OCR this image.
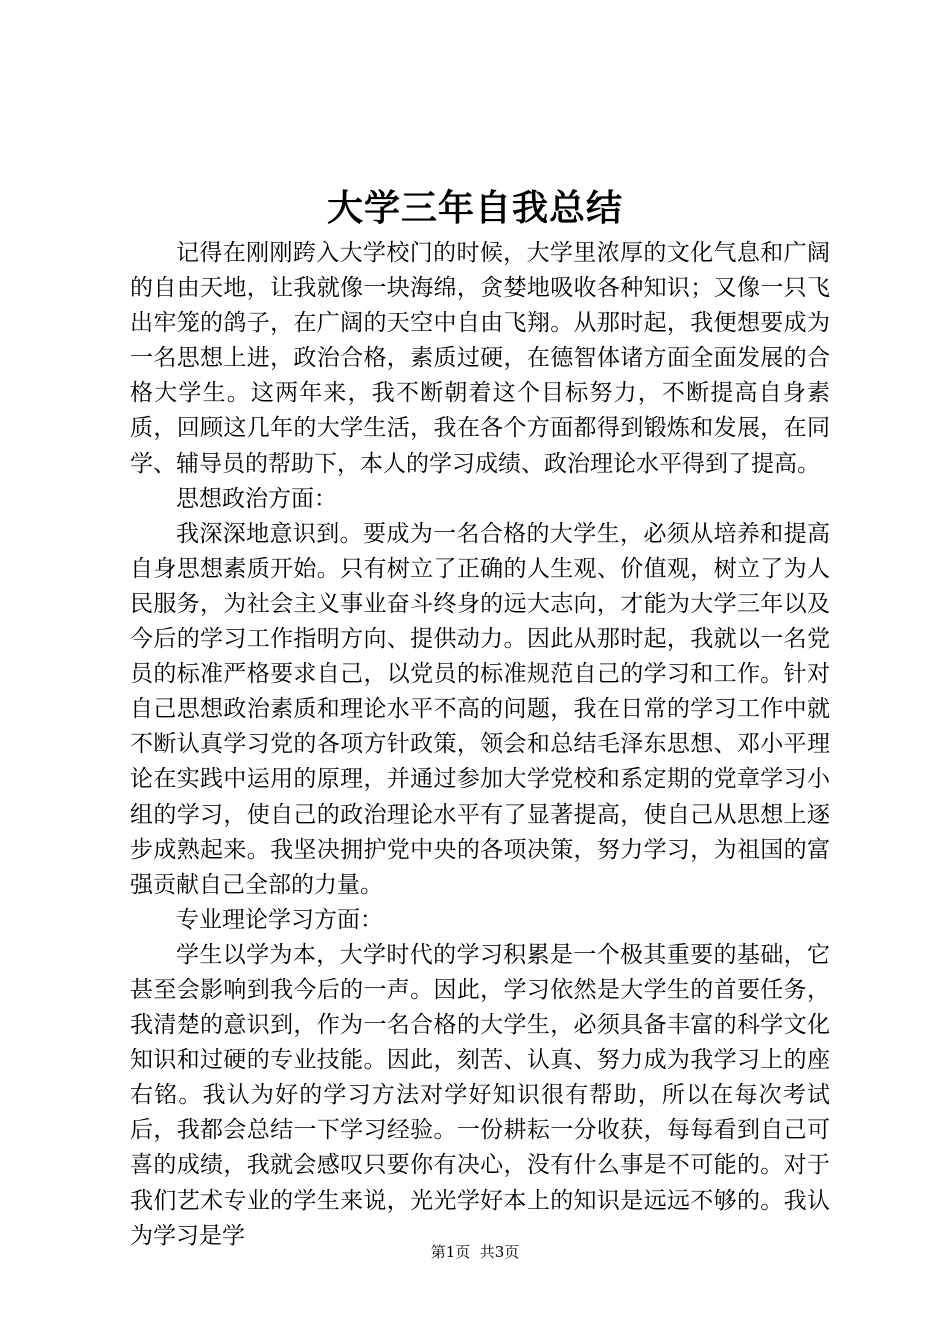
大学三年自我总结

记得在刚刚跨入大学校门的时候，大学里浓厚的文化气息和广阔的自由天地，让我就像一块海绵，贪婪地吸收各种知识；又像一只飞出牢笼的鸽子，在广阔的天空中自由飞翔。从那时起，我便想要成为一名思想上进，政治合格，素质过硬，在德智体诸方面全面发展的合格大学生。这两年来，我不断朝着这个目标努力，不断提高自身素质，回顾这几年的大学生活，我在各个方面都得到锻炼和发展，在同学、辅导员的帮助下，本人的学习成绩、政治理论水平得到了提高。

思想政治方面：

我深深地意识到。要成为一名合格的大学生，必须从培养和提高自身思想素质开始。只有树立了正确的人生观、价值观，树立了为人民服务，为社会主义事业奋斗终身的远大志向，才能为大学三年以及今后的学习工作指明方向、提供动力。因此从那时起，我就以一名党员的标准严格要求自己，以党员的标准规范自己的学习和工作。针对自己思想政治素质和理论水平不高的问题，我在日常的学习工作中就不断认真学习党的各项方针政策，领会和总结毛泽东思想、邓小平理论在实践中运用的原理，并通过参加大学党校和系定期的党章学习小组的学习，使自己的政治理论水平有了显著提高，使自己从思想上逐步成熟起来。我坚决拥护党中央的各项决策，努力学习，为祖国的富强贡献自己全部的力量。

专业理论学习方面：

学生以学为本，大学时代的学习积累是一个极其重要的基础，它甚至会影响到我今后的一声。因此，学习依然是大学生的首要任务，我清楚的意识到，作为一名合格的大学生，必须具备丰富的科学文化知识和过硬的专业技能。因此，刻苦、认真、努力成为我学习上的座右铭。我认为好的学习方法对学好知识很有帮助，所以在每次考试后，我都会总结一下学习经验。一份耕耘一分收获，每每看到自己可喜的成绩，我就会感叹只要你有决心，没有什么事是不可能的。对于我们艺术专业的学生来说，光光学好本上的知识是远远不够的。我认为学习是学

第1页  共3页
